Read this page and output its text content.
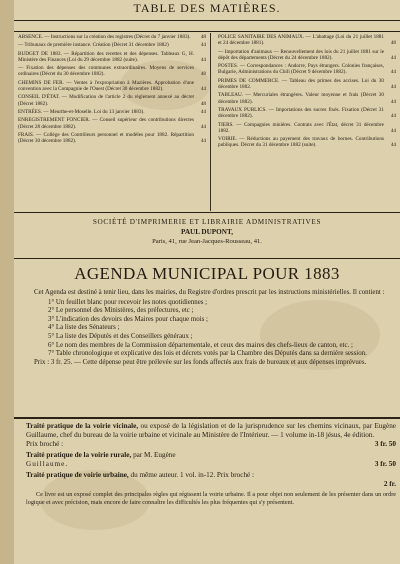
TABLE DES MATIÈRES.
ABSENCE. — Instructions sur la création des registres (Décret du 7 janvier 1883). 48
— Tribunaux de première instance. Création (Décret 31 décembre 1882)	44
BUDGET DE 1883. — Répartition des recettes et des dépenses. Tableaux G, H. Ministère des Finances (Loi du 29 décembre 1882 (suite).	44
— Fixation des dépenses des communes extraordinaires. Moyens de services ordinaires (Décret du 30 décembre 1882).	48
CHEMINS DE FER. — Ventes à l'expropriation à Mazières. Approbation d'une convention avec la Compagnie de l'Ouest (Décret 30 décembre 1882).	44
CONSEIL D'ÉTAT. — Modification de l'article 2 du règlement annexé au décret (Décret 1882).	48
ENTRÉES. — Meurthe-et-Moselle. Loi du 13 janvier 1883).	44
ENREGISTREMENT FONCIER. — Conseil supérieur des contributions directes (Décret 28 décembre 1882).	44
FRAIS. — Collège des Contrôleurs personnel et modèles pour 1882. Répartition (Décret 30 décembre 1882).	44
POLICE SANITAIRE DES ANIMAUX. — L'abattage (Loi du 21 juillet 1881 et 24 décembre 1881).	48
— Importation d'animaux — Renouvellement des lois du 21 juillet 1881 sur le dépôt des départements (Décret du 24 décembre 1882).	44
POSTES. — Correspondances : Andorre, Pays étrangers. Colonies françaises, Bulgarie, Administrations du Chili (Décret 9 décembre 1882).	44
PRIMES DE COMMERCE. — Tableau des primes des accises. Loi du 30 décembre 1882.	44
TABLEAU. — Mercuriales étrangères. Valeur moyenne et frais (Décret 30 décembre 1882).	44
TRAVAUX PUBLICS. — Importations des sucres fixés. Fixation (Décret 31 décembre 1882).	44
TIERS. — Compagnies minières. Contrats avec l'État, décret 31 décembre 1882.	44
VOIRIE. — Réductions au payement des travaux de bornes. Contributions publiques. Décret du 31 décembre 1882 (suite).	44
SOCIÉTÉ D'IMPRIMERIE ET LIBRAIRIE ADMINISTRATIVES
PAUL DUPONT,
Paris, 41, rue Jean-Jacques-Rousseau, 41.
AGENDA MUNICIPAL POUR 1883

Cet Agenda est destiné à tenir lieu, dans les mairies, du Registre d'ordres prescrit par les instructions ministérielles. Il contient :

1° Un feuillet blanc pour recevoir les notes quotidiennes ;
2° Le personnel des Ministères, des préfectures, etc ;
3° L'indication des devoirs des Maires pour chaque mois ;
4° La liste des Sénateurs ;
5° La liste des Députés et des Conseillers généraux ;
6° Le nom des membres de la Commission départementale, et ceux des maires des chefs-lieux de canton, etc. ;
7° Table chronologique et explicative des lois et décrets votés par la Chambre des Députés dans sa dernière session.

Prix : 3 fr. 25. — Cette dépense peut être prélevée sur les fonds affectés aux frais de bureaux et aux dépenses imprévues.

Traité pratique de la voirie vicinale, ou exposé de la législation et de la jurisprudence sur les chemins vicinaux, par Eugène Guillaume, chef du bureau de la voirie urbaine et vicinale au Ministère de l'Intérieur. — 1 volume in-18 jésus, 4e édition.
Prix broché :	3 fr. 50
Traité pratique de la voirie rurale, par M. Eugène
Guillaume.	3 fr. 50
Traité pratique de voirie urbaine, du même auteur. 1 vol. in-12. Prix broché :
2 fr.

Ce livre est un exposé complet des principales règles qui régissent la voirie urbaine. Il a pour objet non seulement de les présenter dans un ordre logique et avec précision, mais encore de faire connaître les difficultés les plus fréquentes qui s'y présentent.
